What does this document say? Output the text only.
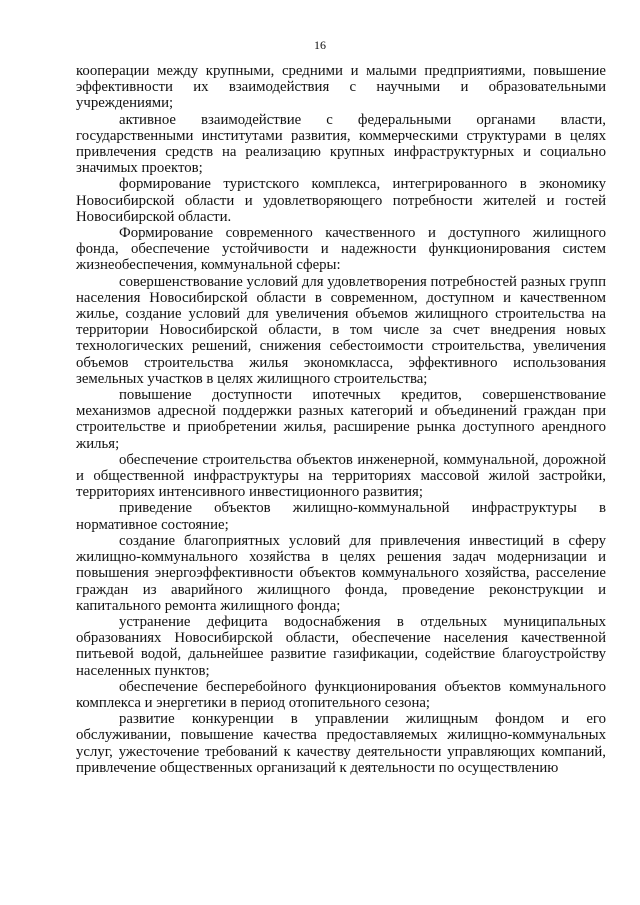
16

кооперации между крупными, средними и малыми предприятиями, повышение эффективности их взаимодействия с научными и образовательными учреждениями;

активное взаимодействие с федеральными органами власти, государственными институтами развития, коммерческими структурами в целях привлечения средств на реализацию крупных инфраструктурных и социально значимых проектов;

формирование туристского комплекса, интегрированного в экономику Новосибирской области и удовлетворяющего потребности жителей и гостей Новосибирской области.

Формирование современного качественного и доступного жилищного фонда, обеспечение устойчивости и надежности функционирования систем жизнеобеспечения, коммунальной сферы:

совершенствование условий для удовлетворения потребностей разных групп населения Новосибирской области в современном, доступном и качественном жилье, создание условий для увеличения объемов жилищного строительства на территории Новосибирской области, в том числе за счет внедрения новых технологических решений, снижения себестоимости строительства, увеличения объемов строительства жилья экономкласса, эффективного использования земельных участков в целях жилищного строительства;

повышение доступности ипотечных кредитов, совершенствование механизмов адресной поддержки разных категорий и объединений граждан при строительстве и приобретении жилья, расширение рынка доступного арендного жилья;

обеспечение строительства объектов инженерной, коммунальной, дорожной и общественной инфраструктуры на территориях массовой жилой застройки, территориях интенсивного инвестиционного развития;

приведение объектов жилищно-коммунальной инфраструктуры в нормативное состояние;

создание благоприятных условий для привлечения инвестиций в сферу жилищно-коммунального хозяйства в целях решения задач модернизации и повышения энергоэффективности объектов коммунального хозяйства, расселение граждан из аварийного жилищного фонда, проведение реконструкции и капитального ремонта жилищного фонда;

устранение дефицита водоснабжения в отдельных муниципальных образованиях Новосибирской области, обеспечение населения качественной питьевой водой, дальнейшее развитие газификации, содействие благоустройству населенных пунктов;

обеспечение бесперебойного функционирования объектов коммунального комплекса и энергетики в период отопительного сезона;

развитие конкуренции в управлении жилищным фондом и его обслуживании, повышение качества предоставляемых жилищно-коммунальных услуг, ужесточение требований к качеству деятельности управляющих компаний, привлечение общественных организаций к деятельности по осуществлению
